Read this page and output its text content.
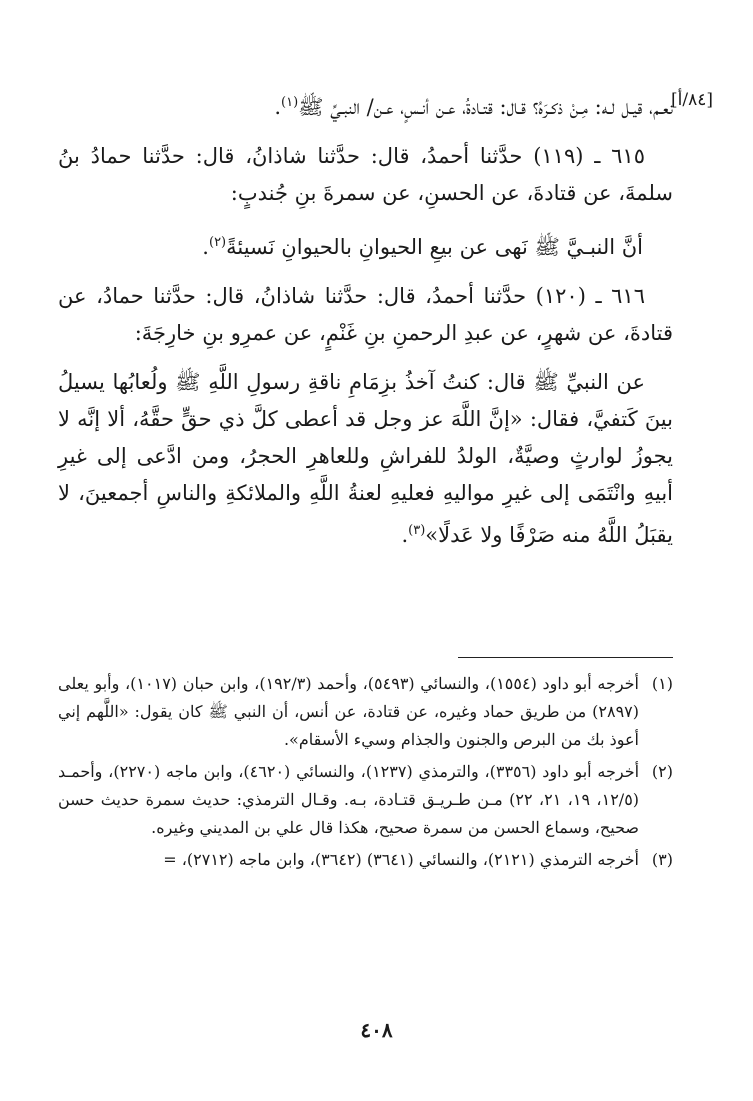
[٨٤/أ]

نعـم، قيـل لـه: مِـنْ ذكـرَهُ؟ قـال: قتـادةُ، عـن أنـسٍ، عـن/ النبـيِّ ﷺ$^{(١)}$.

٦١٥ ـ (١١٩) حدَّثنا أحمدُ، قال: حدَّثنا شاذانُ، قال: حدَّثنا حمادُ بنُ سلمةَ، عن قتادةَ، عن الحسنِ، عن سمرةَ بنِ جُندبٍ:

أنَّ النبـيَّ ﷺ نَهى عن بيعِ الحيوانِ بالحيوانِ نَسيئةً$^{(٢)}$.

٦١٦ ـ (١٢٠) حدَّثنا أحمدُ، قال: حدَّثنا شاذانُ، قال: حدَّثنا حمادُ، عن قتادةَ، عن شهرٍ، عن عبدِ الرحمنِ بنِ غَنْمٍ، عن عمرِو بنِ خارِجَةَ:

عن النبيِّ ﷺ قال: كنتُ آخذُ بزِمَامِ ناقةِ رسولِ اللَّهِ ﷺ ولُعابُها يسيلُ بينَ كَتفيَّ، فقال: «إنَّ اللَّهَ عز وجل قد أعطى كلَّ ذي حقٍّ حقَّهُ، ألا إنَّه لا يجوزُ لوارثٍ وصيَّةٌ، الولدُ للفراشِ وللعاهرِ الحجرُ، ومن ادَّعى إلى غيرِ أبيهِ وانْتَمَى إلى غيرِ مواليهِ فعليهِ لعنةُ اللَّهِ والملائكةِ والناسِ أجمعينَ، لا يقبَلُ اللَّهُ منه صَرْفًا ولا عَدلًا»$^{(٣)}$.

(١)
أخرجه أبو داود (١٥٥٤)، والنسائي (٥٤٩٣)، وأحمد (١٩٢/٣)، وابن حبان (١٠١٧)، وأبو يعلى (٢٨٩٧) من طريق حماد وغيره، عن قتادة، عن أنس، أن النبي ﷺ كان يقول: «اللَّهم إني أعوذ بك من البرص والجنون والجذام وسيء الأسقام».
(٢)
أخرجه أبو داود (٣٣٥٦)، والترمذي (١٢٣٧)، والنسائي (٤٦٢٠)، وابن ماجه (٢٢٧٠)، وأحمـد (١٢/٥، ١٩، ٢١، ٢٢) مـن طـريـق قتـادة، بـه. وقـال الترمذي: حديث سمرة حديث حسن صحيح، وسماع الحسن من سمرة صحيح، هكذا قال علي بن المديني وغيره.
(٣)
أخرجه الترمذي (٢١٢١)، والنسائي (٣٦٤١) (٣٦٤٢)، وابن ماجه (٢٧١٢)، =
٤٠٨
